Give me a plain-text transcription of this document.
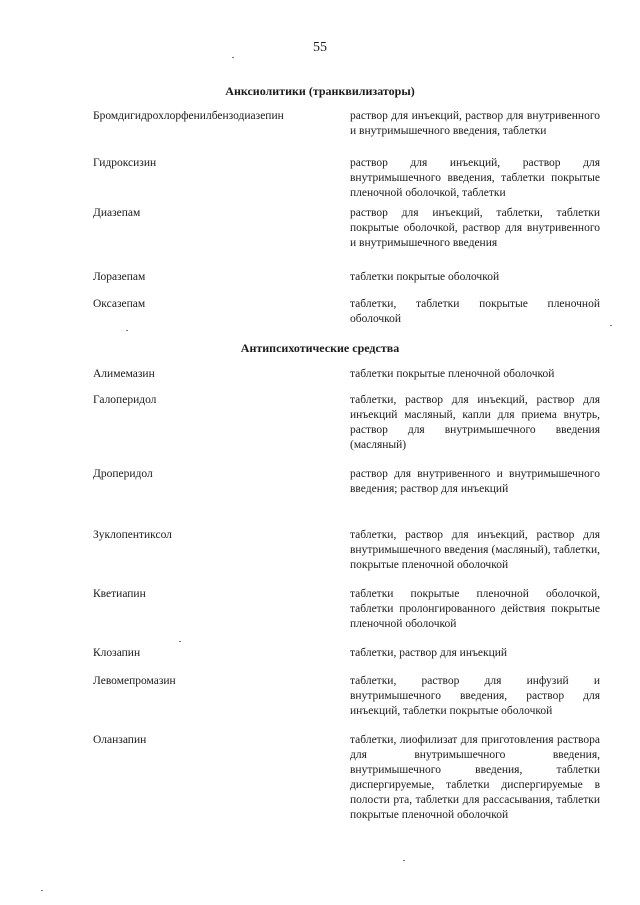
55
Анксиолитики (транквилизаторы)
Бромдигидрохлорфенилбензодиазепин	раствор для инъекций, раствор для внутривенного и внутримышечного введения, таблетки
Гидроксизин	раствор для инъекций, раствор для внутримышечного введения, таблетки покрытые пленочной оболочкой, таблетки
Диазепам	раствор для инъекций, таблетки, таблетки покрытые оболочкой, раствор для внутривенного и внутримышечного введения
Лоразепам	таблетки покрытые оболочкой
Оксазепам	таблетки, таблетки покрытые пленочной оболочкой
Антипсихотические средства
Алимемазин	таблетки покрытые пленочной оболочкой
Галоперидол	таблетки, раствор для инъекций, раствор для инъекций масляный, капли для приема внутрь, раствор для внутримышечного введения (масляный)
Дроперидол	раствор для внутривенного и внутримышечного введения; раствор для инъекций
Зуклопентиксол	таблетки, раствор для инъекций, раствор для внутримышечного введения (масляный), таблетки, покрытые пленочной оболочкой
Кветиапин	таблетки покрытые пленочной оболочкой, таблетки пролонгированного действия покрытые пленочной оболочкой
Клозапин	таблетки, раствор для инъекций
Левомепромазин	таблетки, раствор для инфузий и внутримышечного введения, раствор для инъекций, таблетки покрытые оболочкой
Оланзапин	таблетки, лиофилизат для приготовления раствора для внутримышечного введения, внутримышечного введения, таблетки диспергируемые, таблетки диспергируемые в полости рта, таблетки для рассасывания, таблетки покрытые пленочной оболочкой
